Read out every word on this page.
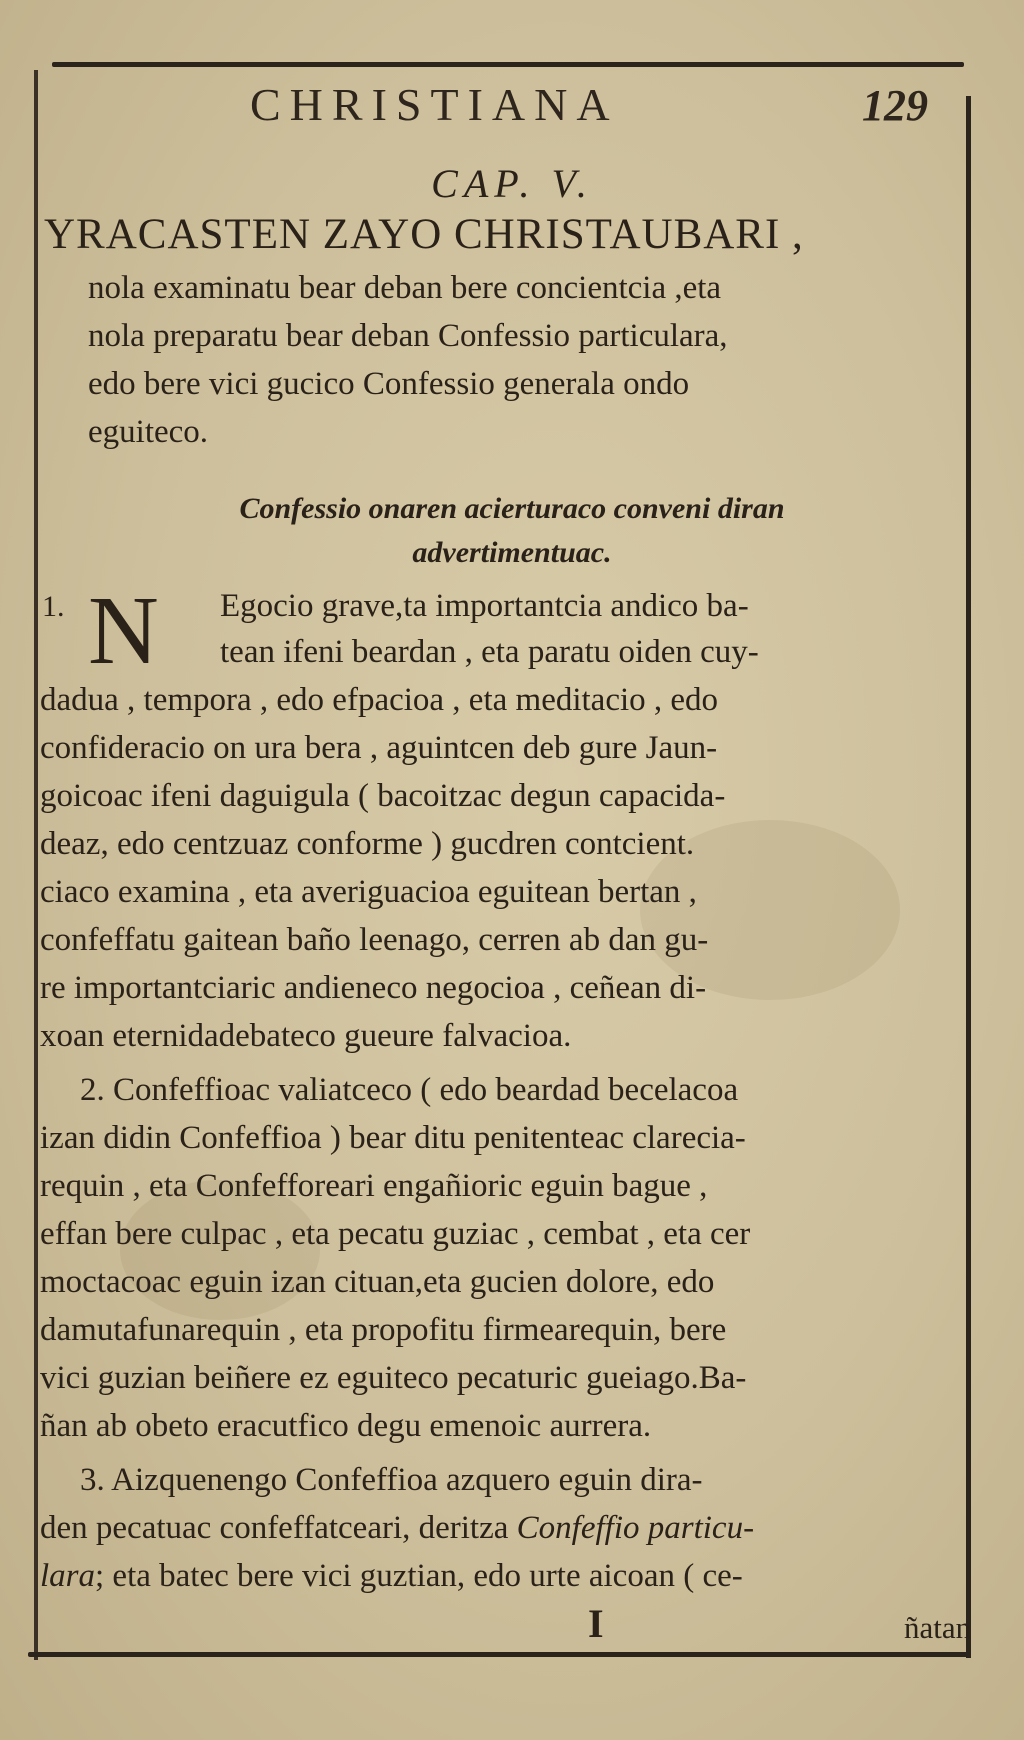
CHRISTIANA	129
CAP. V.
YRACASTEN ZAYO CHRISTAUBARI ,
nola examinatu bear deban bere concientcia ,eta
nola preparatu bear deban Confessio particulara,
edo bere vici gucico Confessio generala ondo
eguiteco.
Confessio onaren acierturaco conveni diran
advertimentuac.
1. N Egocio grave,ta importantcia andico ba-
tean ifeni beardan , eta paratu oiden cuy-
dadua , tempora , edo efpacioa , eta meditacio , edo
confideracio on ura bera , aguintcen deb gure Jaun-
goicoac ifeni daguigula ( bacoitzac degun capacida-
deaz, edo centzuaz conforme ) gucdren contcient.
ciaco examina , eta averiguacioa eguitean bertan ,
confeffatu gaitean baño leenago, cerren ab dan gu-
re importantciaric andieneco negocioa , ceñean di-
xoan eternidadebateco gueure falvacioa.
2. Confeffioac valiatceco ( edo beardad becelacoa
izan didin Confeffioa ) bear ditu penitenteac clarecia-
requin , eta Confefforeari engañioric eguin bague ,
effan bere culpac , eta pecatu guziac , cembat , eta cer
moctacoac eguin izan cituan,eta gucien dolore, edo
damutafunarequin , eta propofitu firmearequin, bere
vici guzian beiñere ez eguiteco pecaturic gueiago.Ba-
ñan ab obeto eracutfico degu emenoic aurrera.
3. Aizquenengo Confeffioa azquero eguin dira-
den pecatuac confeffatceari, deritza Confeffio particu-
lara; eta batec bere vici guztian, edo urte aicoan ( ce-
I	ñatan
